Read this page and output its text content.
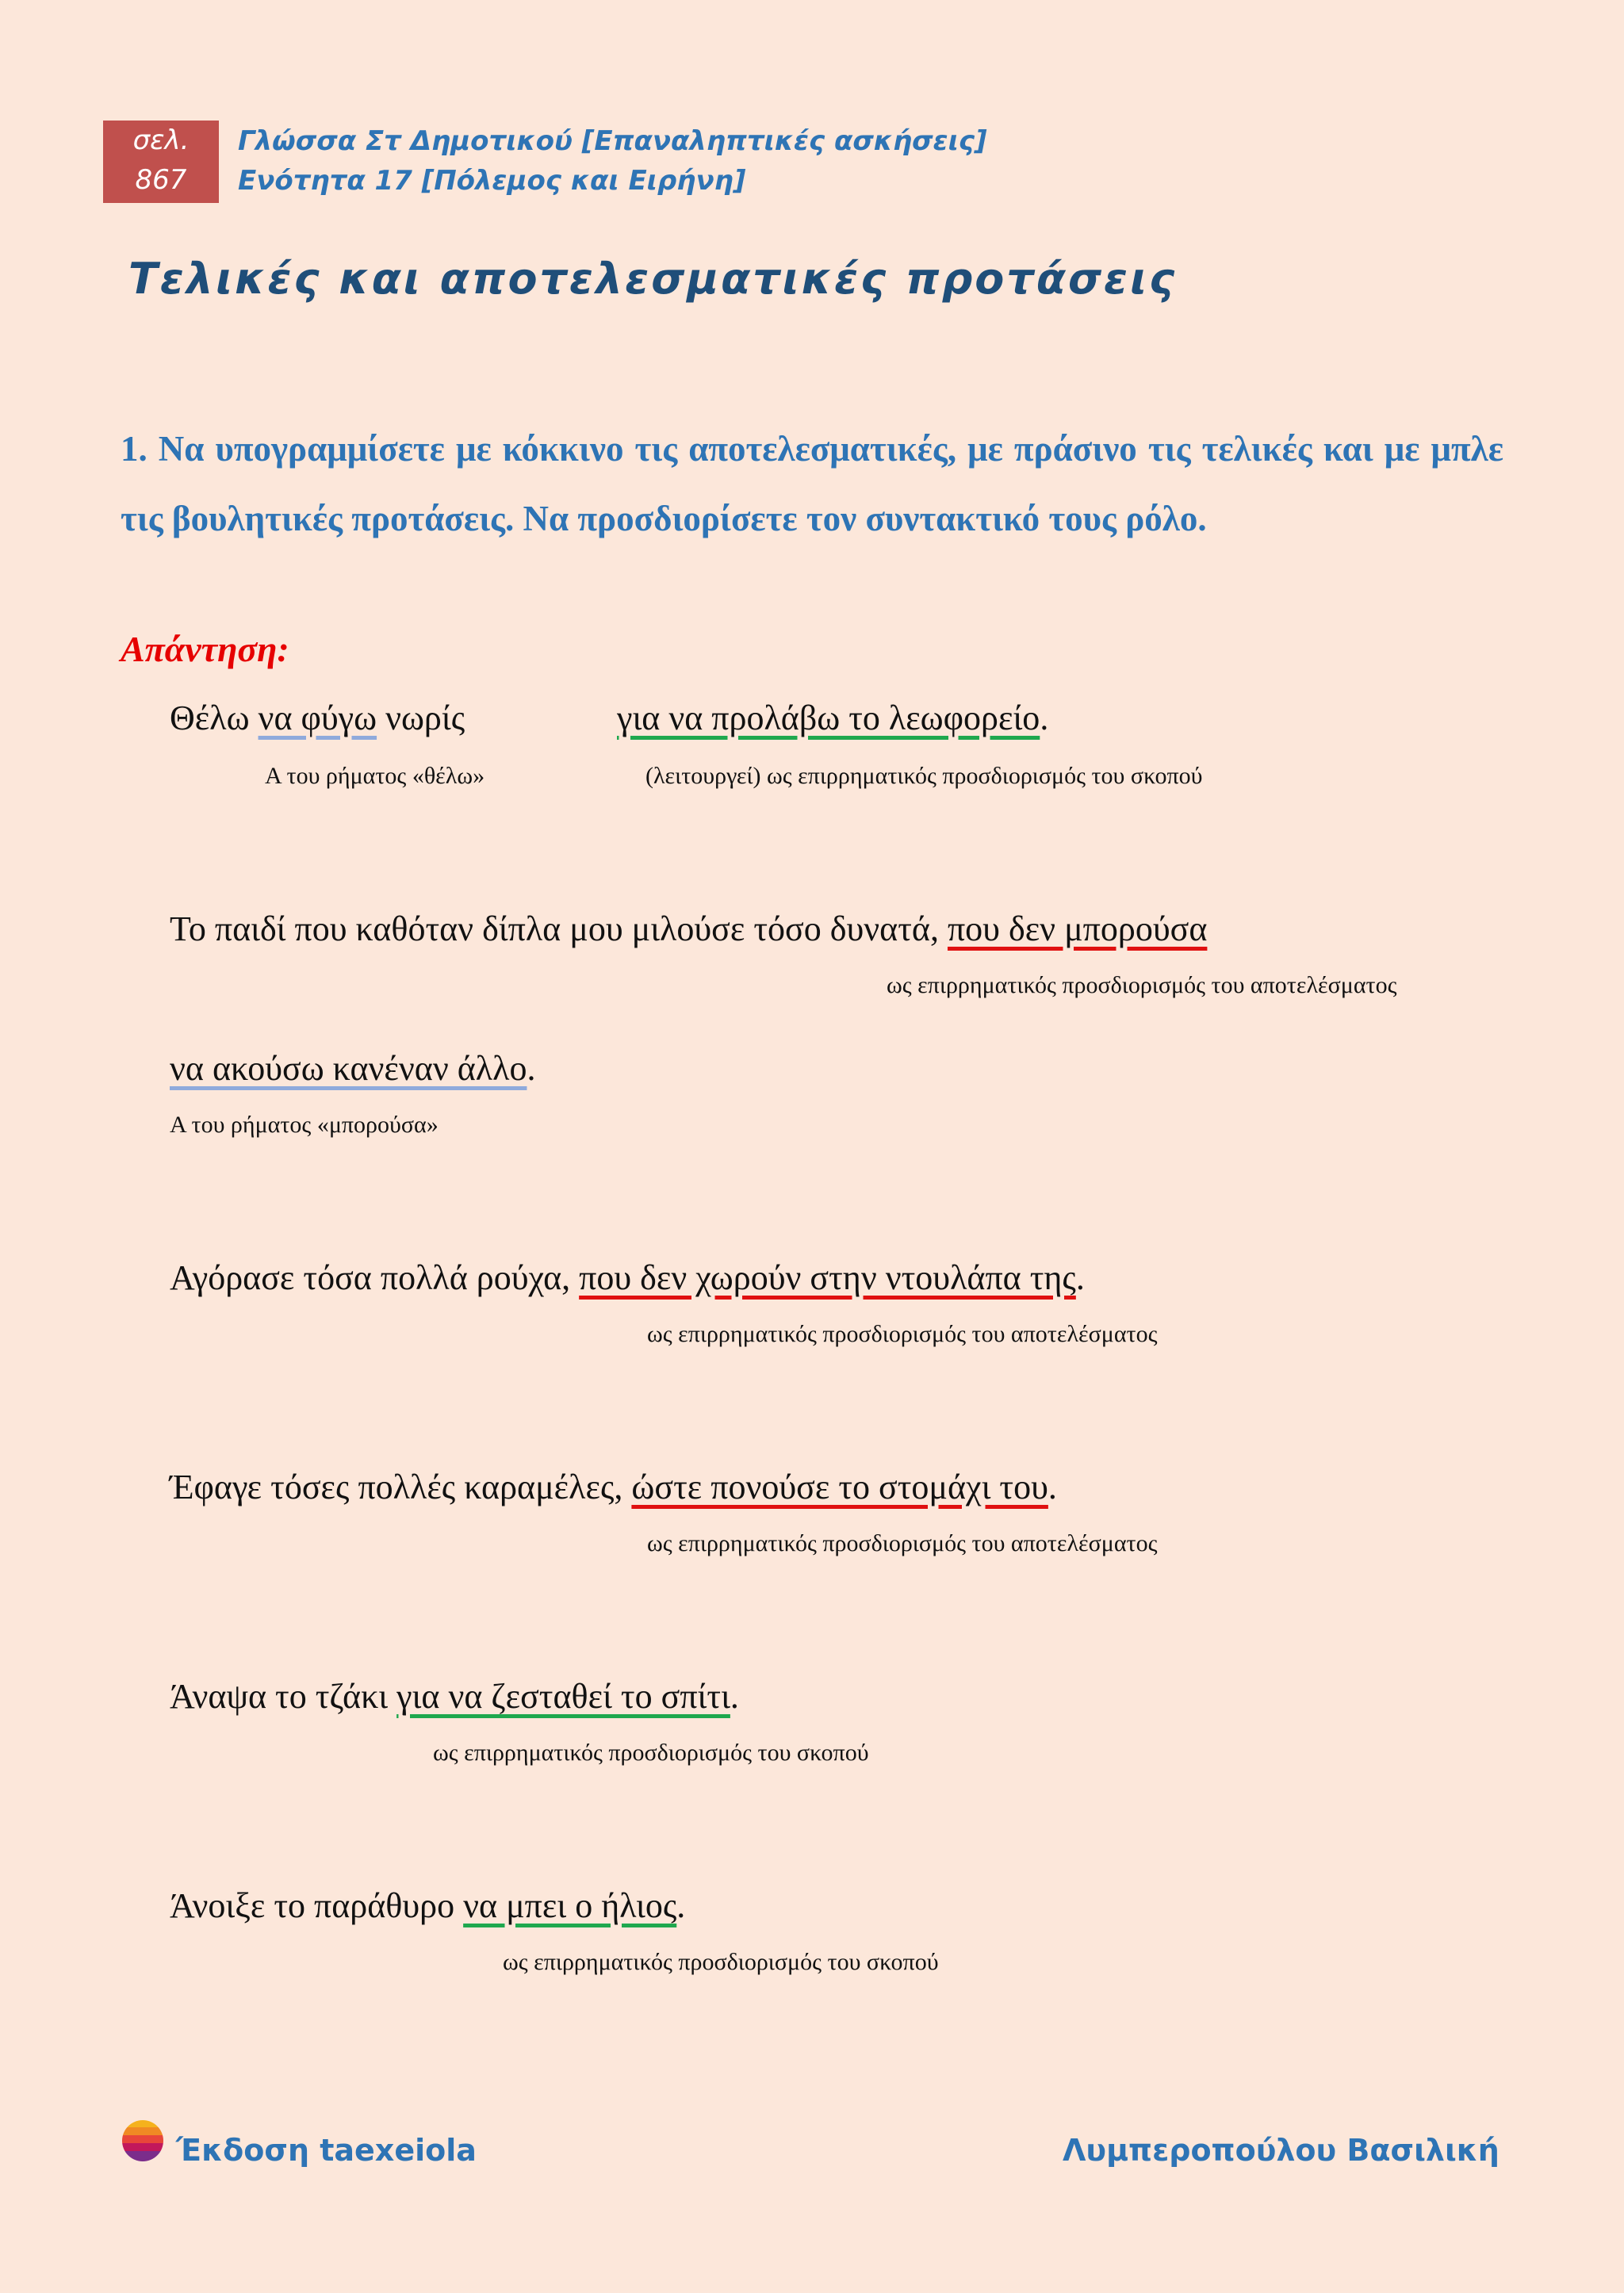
σελ.
867
Γλώσσα Στ Δημοτικού [Επαναληπτικές ασκήσεις]
Ενότητα 17 [Πόλεμος και Ειρήνη]
Τελικές και αποτελεσματικές προτάσεις
1. Να υπογραμμίσετε με κόκκινο τις αποτελεσματικές, με πράσινο τις τελικές και με μπλε τις βουλητικές προτάσεις. Να προσδιορίσετε τον συντακτικό τους ρόλο.
Απάντηση:
Θέλω να φύγω νωρίς	για να προλάβω το λεωφορείο.
Α του ρήματος «θέλω»	(λειτουργεί) ως επιρρηματικός προσδιορισμός του σκοπού
Το παιδί που καθόταν δίπλα μου μιλούσε τόσο δυνατά, που δεν μπορούσα
ως επιρρηματικός προσδιορισμός του αποτελέσματος
να ακούσω κανέναν άλλο.
Α του ρήματος «μπορούσα»
Αγόρασε τόσα πολλά ρούχα, που δεν χωρούν στην ντουλάπα της.
ως επιρρηματικός προσδιορισμός του αποτελέσματος
Έφαγε τόσες πολλές καραμέλες, ώστε πονούσε το στομάχι του.
ως επιρρηματικός προσδιορισμός του αποτελέσματος
Άναψα το τζάκι για να ζεσταθεί το σπίτι.
ως επιρρηματικός προσδιορισμός του σκοπού
Άνοιξε το παράθυρο να μπει ο ήλιος.
ως επιρρηματικός προσδιορισμός του σκοπού
Έκδοση taexeiola	Λυμπεροπούλου Βασιλική
